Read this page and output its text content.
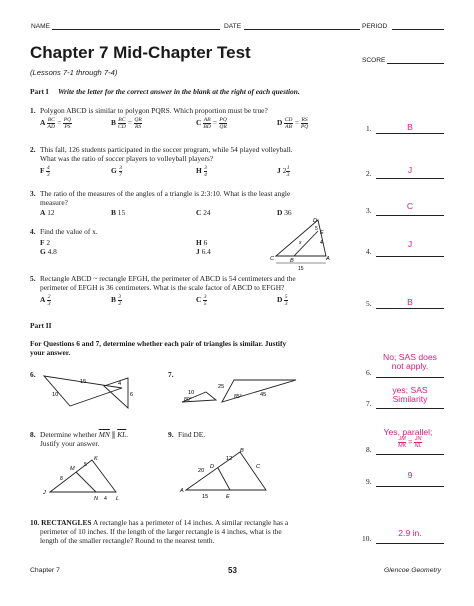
NAME	DATE	PERIOD
Chapter 7 Mid-Chapter Test
(Lessons 7-1 through 7-4)
SCORE
Part I Write the letter for the correct answer in the blank at the right of each question.
1. Polygon ABCD is similar to polygon PQRS. Which proportion must be true?
A $\frac{BC}{AD} = \frac{PQ}{PS}$	B $\frac{BC}{CD} = \frac{QR}{RS}$	C $\frac{AB}{BD} = \frac{PQ}{QR}$	D $\frac{CD}{AB} = \frac{RS}{PQ}$	1.	B
2. This fall, 126 students participated in the soccer program, while 54 played volleyball.
What was the ratio of soccer players to volleyball players?
F $\frac{4}{3}$	G $\frac{3}{7}$	H $\frac{3}{4}$	J $2 \frac{1}{3}$	2.	J
3. The ratio of the measures of the angles of a triangle is 2:3:10. What is the least angle
measure?
A 12	B 15	C 24	D 36	3.	C
4. Find the value of x.
F 2
G 4.8
H 6
J 6.4
D
E
A
B
C
5
4
x
15
4.
J
5. Rectangle ABCD ~ rectangle EFGH, the perimeter of ABCD is 54 centimeters and the
perimeter of EFGH is 36 centimeters. What is the scale factor of ABCD to EFGH?
A $\frac{2}{3}$	B $\frac{3}{2}$	C $\frac{3}{5}$	D $\frac{5}{3}$	5.	B
Part II
For Questions 6 and 7, determine whether each pair of triangles is similar. Justify
your answer.
6.
15	4
10	6
No; SAS does
not apply.
6.
7.
10
80°
25
85°	45	yes; SAS
Similarity
7.
8. Determine whether $\overline{MN}$ ∥ $\overline{KL}$.
Justify your answer.
M
K
8
5
J
N 4 L
9. Find DE.
B
12
C
20
D
A
15	E
Yes, parallel;
$\frac{JM}{MK} = \frac{JN}{NL}$
8.
9
9.
10. RECTANGLES A rectangle has a perimeter of 14 inches. A similar rectangle has a
perimeter of 10 inches. If the length of the larger rectangle is 4 inches, what is the
length of the smaller rectangle? Round to the nearest tenth.
2.9 in.
10.
Chapter 7	53	Glencoe Geometry
